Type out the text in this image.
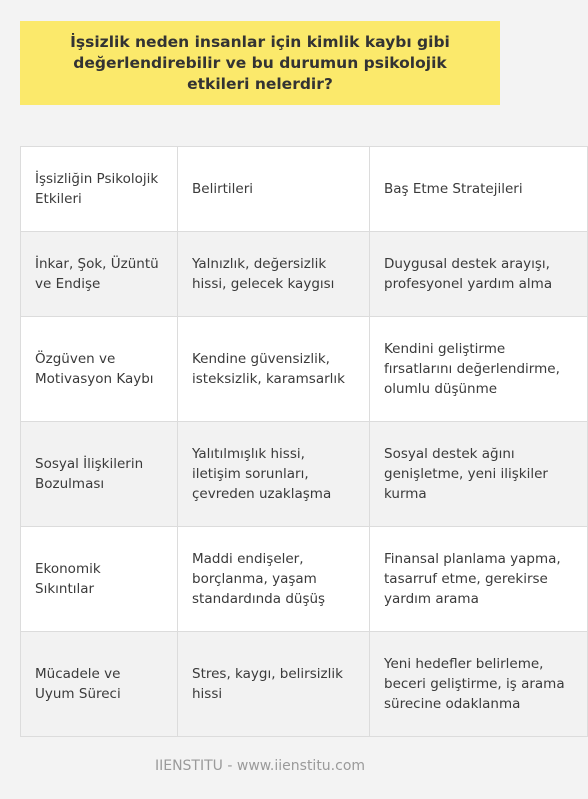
İşsizlik neden insanlar için kimlik kaybı gibi değerlendirebilir ve bu durumun psikolojik etkileri nelerdir?
İşsizliğin Psikolojik Etkileri	Belirtileri	Baş Etme Stratejileri
İnkar, Şok, Üzüntü ve Endişe	Yalnızlık, değersizlik hissi, gelecek kaygısı	Duygusal destek arayışı, profesyonel yardım alma
Özgüven ve Motivasyon Kaybı	Kendine güvensizlik, isteksizlik, karamsarlık	Kendini geliştirme fırsatlarını değerlendirme, olumlu düşünme
Sosyal İlişkilerin Bozulması	Yalıtılmışlık hissi, iletişim sorunları, çevreden uzaklaşma	Sosyal destek ağını genişletme, yeni ilişkiler kurma
Ekonomik Sıkıntılar	Maddi endişeler, borçlanma, yaşam standardında düşüş	Finansal planlama yapma, tasarruf etme, gerekirse yardım arama
Mücadele ve Uyum Süreci	Stres, kaygı, belirsizlik hissi	Yeni hedefler belirleme, beceri geliştirme, iş arama sürecine odaklanma
IIENSTITU - www.iienstitu.com
